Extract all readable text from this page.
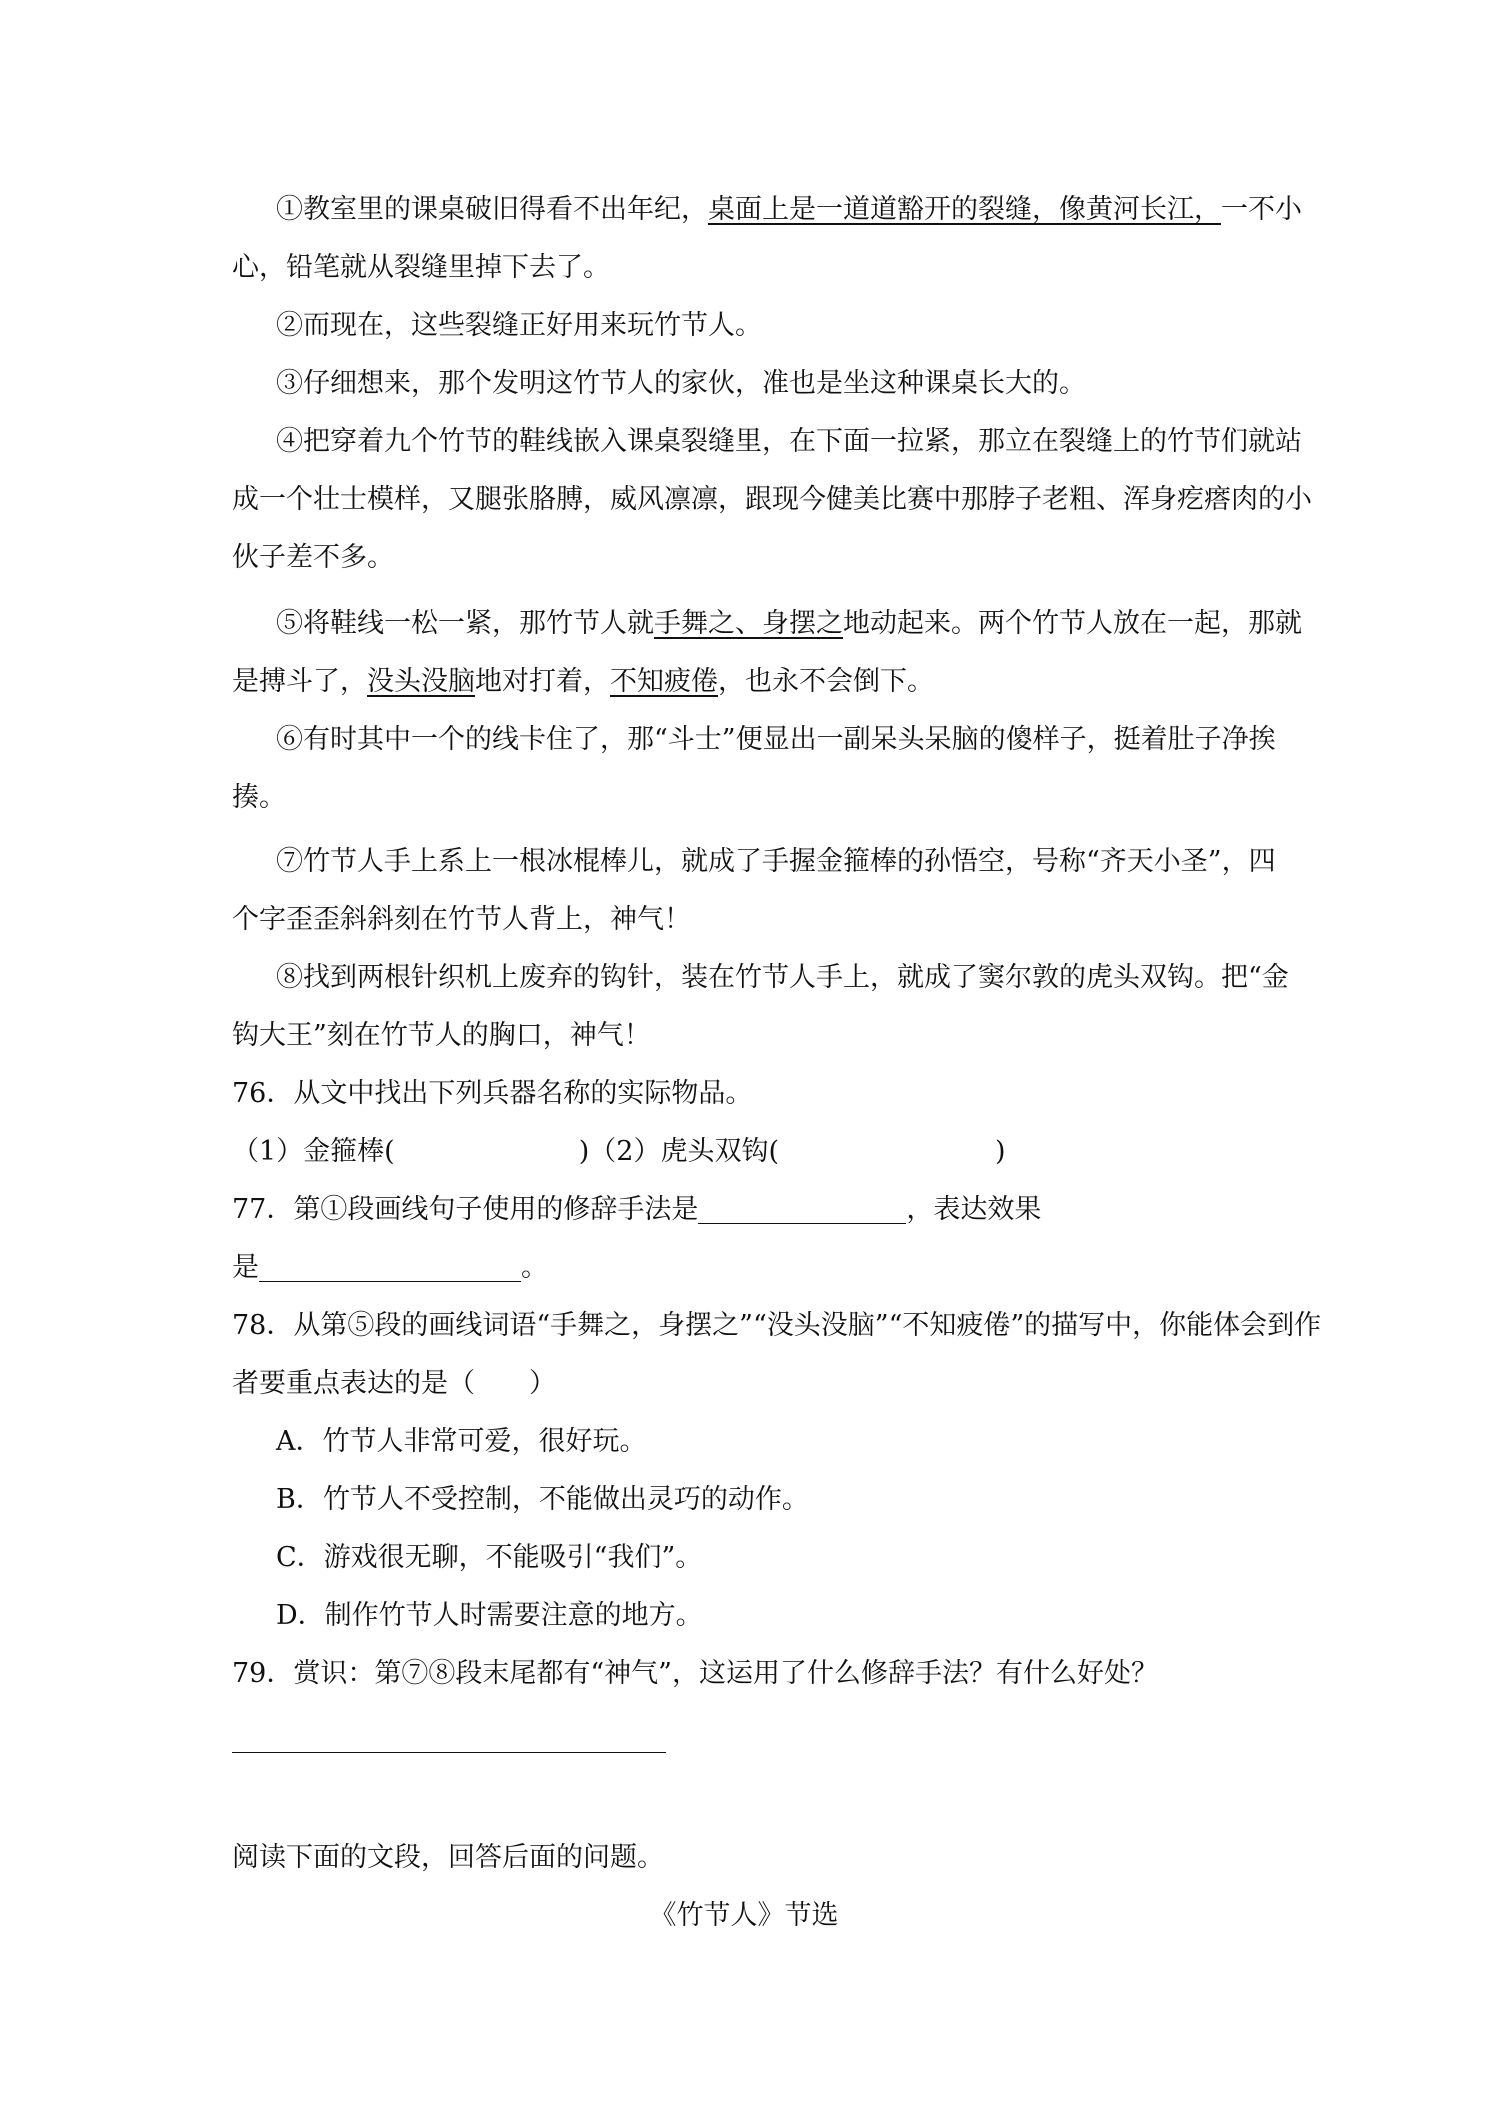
①教室里的课桌破旧得看不出年纪，桌面上是一道道豁开的裂缝，像黄河长江，一不小
心，铅笔就从裂缝里掉下去了。
②而现在，这些裂缝正好用来玩竹节人。
③仔细想来，那个发明这竹节人的家伙，准也是坐这种课桌长大的。
④把穿着九个竹节的鞋线嵌入课桌裂缝里，在下面一拉紧，那立在裂缝上的竹节们就站
成一个壮士模样，又腿张胳膊，威风凛凛，跟现今健美比赛中那脖子老粗、浑身疙瘩肉的小
伙子差不多。
⑤将鞋线一松一紧，那竹节人就手舞之、身摆之地动起来。两个竹节人放在一起，那就
是搏斗了，没头没脑地对打着，不知疲倦，也永不会倒下。
⑥有时其中一个的线卡住了，那“斗士”便显出一副呆头呆脑的傻样子，挺着肚子净挨
揍。
⑦竹节人手上系上一根冰棍棒儿，就成了手握金箍棒的孙悟空，号称“齐天小圣”，四
个字歪歪斜斜刻在竹节人背上，神气！
⑧找到两根针织机上废弃的钩针，装在竹节人手上，就成了窦尔敦的虎头双钩。把“金
钩大王”刻在竹节人的胸口，神气！
76．从文中找出下列兵器名称的实际物品。
（1）金箍棒(	)（2）虎头双钩(	)
77．第①段画线句子使用的修辞手法是	，表达效果
是	。
78．从第⑤段的画线词语“手舞之，身摆之”“没头没脑”“不知疲倦”的描写中，你能体会到作
者要重点表达的是（　　）
A．竹节人非常可爱，很好玩。
B．竹节人不受控制，不能做出灵巧的动作。
C．游戏很无聊，不能吸引“我们”。
D．制作竹节人时需要注意的地方。
79．赏识：第⑦⑧段末尾都有“神气”，这运用了什么修辞手法？有什么好处？
阅读下面的文段，回答后面的问题。
《竹节人》节选
